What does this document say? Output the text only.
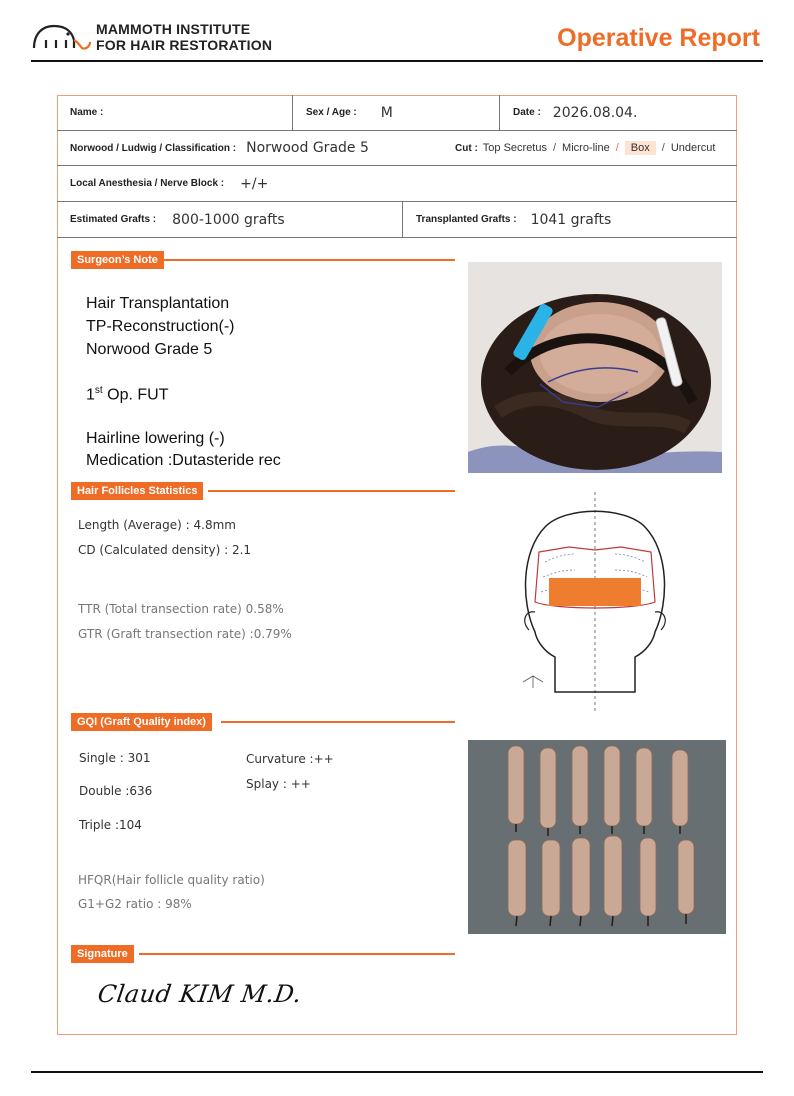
MAMMOTH INSTITUTE
FOR HAIR RESTORATION	Operative Report
Name :	Sex / Age : M	Date : 2026.08.04.
Norwood / Ludwig / Classification : Norwood Grade 5	Cut : Top Secretus / Micro-line /	Box	/ Undercut
Local Anesthesia / Nerve Block : +/+
Estimated Grafts : 800-1000 grafts	Transplanted Grafts : 1041 grafts
Surgeon’s Note
Hair Transplantation
TP-Reconstruction(-)
Norwood Grade 5
1st Op. FUT
Hairline lowering (-)
Medication :Dutasteride rec
Hair Follicles Statistics
Length (Average) : 4.8mm
CD (Calculated density) : 2.1
TTR (Total transection rate) 0.58%
GTR (Graft transection rate) :0.79%
GQI (Graft Quality index)
Single : 301
Double :636
Triple :104
Curvature :++
Splay : ++
HFQR(Hair follicle quality ratio)
G1+G2 ratio : 98%
Signature
Claud KIM M.D.
